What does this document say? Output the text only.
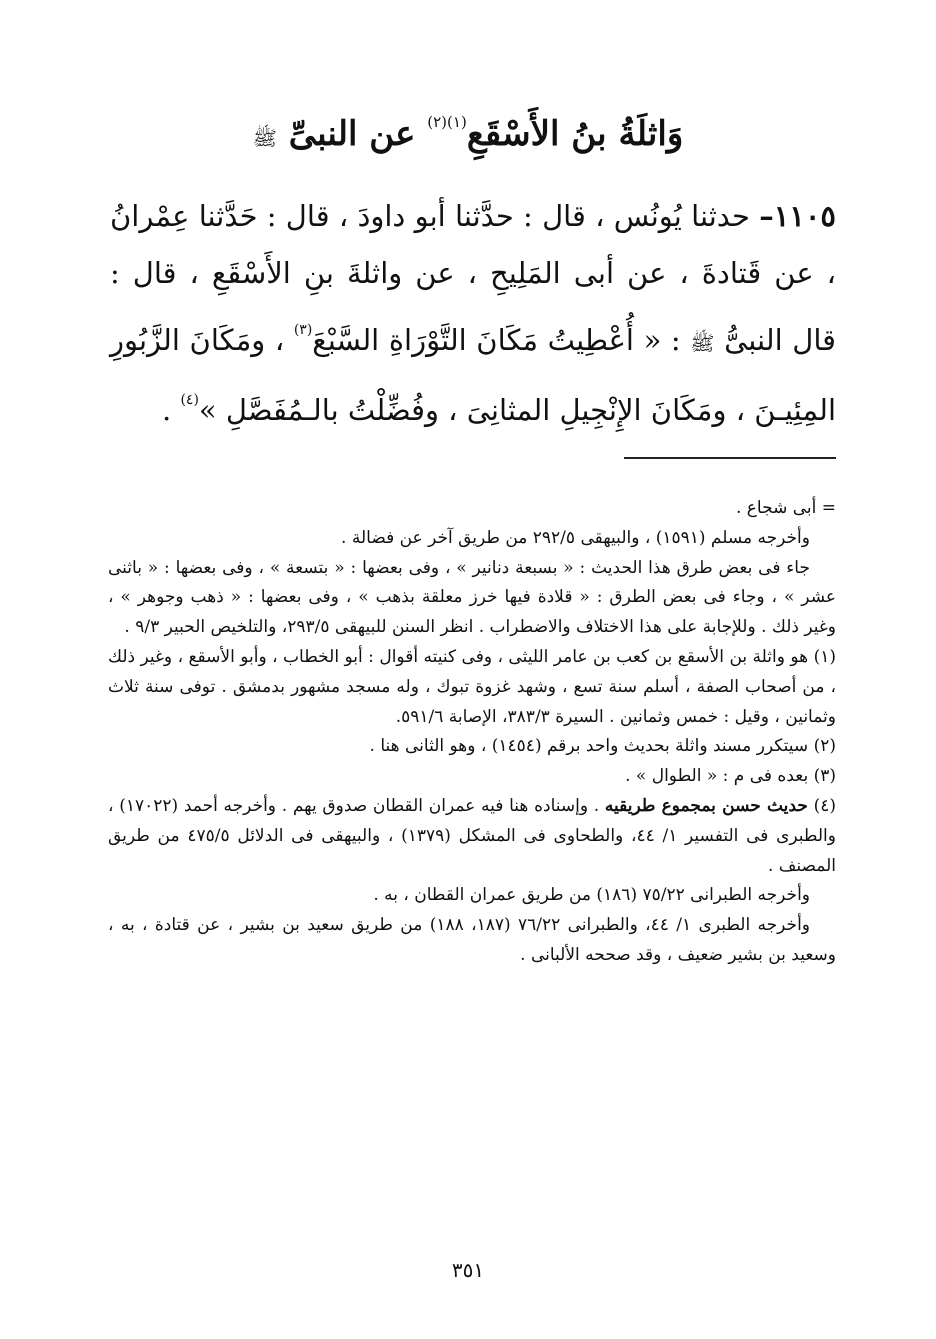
وَاثلَةُ بنُ الأَسْقَعِ$^{(١)(٢)}$ عن النبىِّ ﷺ

١١٠٥– حدثنا يُونُس ، قال : حدَّثنا أبو داودَ ، قال : حَدَّثنا عِمْرانُ ، عن قَتادةَ ، عن أبى المَلِيحِ ، عن واثلةَ بنِ الأَسْقَعِ ، قال : قال النبىُّ ﷺ : « أُعْطِيتُ مَكَانَ التَّوْرَاةِ السَّبْعَ$^{(٣)}$ ، ومَكَانَ الزَّبُورِ المِئِيـنَ ، ومَكَانَ الإِنْجِيلِ المثانِىَ ، وفُضِّلْتُ بالـمُفَصَّلِ »$^{(٤)}$ .

= أبى شجاع .

وأخرجه مسلم (١٥٩١) ، والبيهقى ٢٩٢/٥ من طريق آخر عن فضالة .

جاء فى بعض طرق هذا الحديث : « بسبعة دنانير » ، وفى بعضها : « بتسعة » ، وفى بعضها : « باثنى عشر » ، وجاء فى بعض الطرق : « قلادة فيها خرز معلقة بذهب » ، وفى بعضها : « ذهب وجوهر » ، وغير ذلك . وللإجابة على هذا الاختلاف والاضطراب . انظر السنن للبيهقى ٢٩٣/٥، والتلخيص الحبير ٩/٣ .

(١) هو واثلة بن الأسقع بن كعب بن عامر الليثى ، وفى كنيته أقوال : أبو الخطاب ، وأبو الأسقع ، وغير ذلك ، من أصحاب الصفة ، أسلم سنة تسع ، وشهد غزوة تبوك ، وله مسجد مشهور بدمشق . توفى سنة ثلاث وثمانين ، وقيل : خمس وثمانين . السيرة ٣٨٣/٣، الإصابة ٥٩١/٦.

(٢) سيتكرر مسند واثلة بحديث واحد برقم (١٤٥٤) ، وهو الثانى هنا .

(٣) بعده فى م : « الطوال » .

(٤) حديث حسن بمجموع طريقيه . وإسناده هنا فيه عمران القطان صدوق يهم . وأخرجه أحمد (١٧٠٢٢) ، والطبرى فى التفسير ١/ ٤٤، والطحاوى فى المشكل (١٣٧٩) ، والبيهقى فى الدلائل ٤٧٥/٥ من طريق المصنف .

وأخرجه الطبرانى ٧٥/٢٢ (١٨٦) من طريق عمران القطان ، به .

وأخرجه الطبرى ١/ ٤٤، والطبرانى ٧٦/٢٢ (١٨٧، ١٨٨) من طريق سعيد بن بشير ، عن قتادة ، به ، وسعيد بن بشير ضعيف ، وقد صححه الألبانى .

٣٥١
